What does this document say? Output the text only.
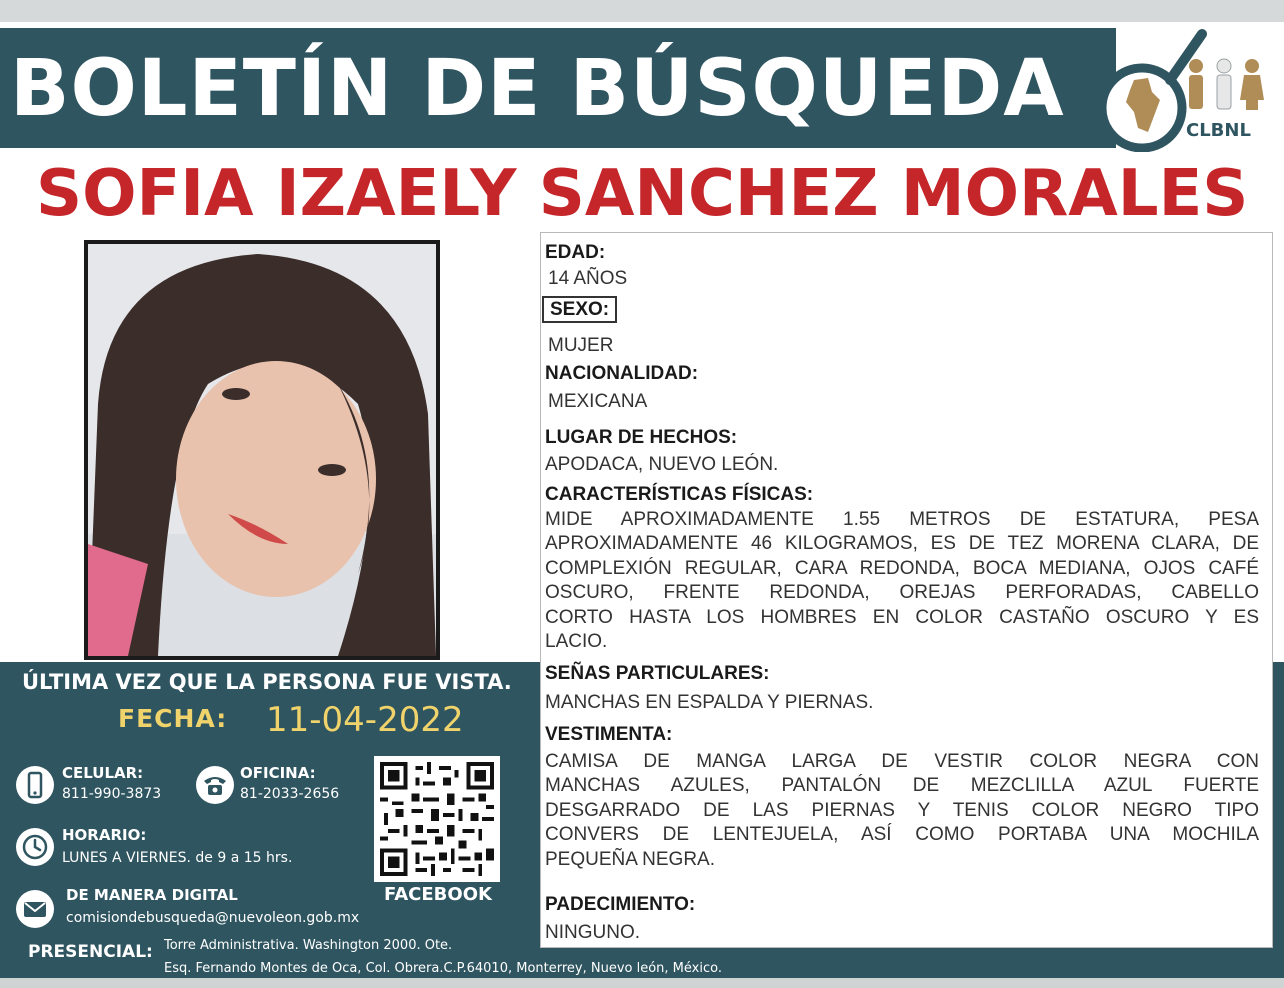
BOLETÍN DE BÚSQUEDA	CLBNL
SOFIA IZAELY SANCHEZ MORALES
EDAD:
14 AÑOS
SEXO:
MUJER
NACIONALIDAD:
MEXICANA
LUGAR DE HECHOS:
APODACA, NUEVO LEÓN.
CARACTERÍSTICAS FÍSICAS:
MIDE APROXIMADAMENTE 1.55 METROS DE ESTATURA, PESA
APROXIMADAMENTE 46 KILOGRAMOS, ES DE TEZ MORENA CLARA, DE
COMPLEXIÓN REGULAR, CARA REDONDA, BOCA MEDIANA, OJOS CAFÉ
OSCURO, FRENTE REDONDA, OREJAS PERFORADAS, CABELLO
CORTO HASTA LOS HOMBRES EN COLOR CASTAÑO OSCURO Y ES
LACIO.
SEÑAS PARTICULARES:
MANCHAS EN ESPALDA Y PIERNAS.
VESTIMENTA:
CAMISA DE MANGA LARGA DE VESTIR COLOR NEGRA CON
MANCHAS AZULES, PANTALÓN DE MEZCLILLA AZUL FUERTE
DESGARRADO DE LAS PIERNAS Y TENIS COLOR NEGRO TIPO
CONVERS DE LENTEJUELA, ASÍ COMO PORTABA UNA MOCHILA
PEQUEÑA NEGRA.
PADECIMIENTO:
NINGUNO.
ÚLTIMA VEZ QUE LA PERSONA FUE VISTA.
FECHA: 11-04-2022
CELULAR:
811-990-3873
OFICINA:
81-2033-2656
HORARIO:
LUNES A VIERNES. de 9 a 15 hrs.
DE MANERA DIGITAL
comisiondebusqueda@nuevoleon.gob.mx
FACEBOOK
PRESENCIAL: Torre Administrativa. Washington 2000. Ote.
Esq. Fernando Montes de Oca, Col. Obrera.C.P.64010, Monterrey, Nuevo león, México.
